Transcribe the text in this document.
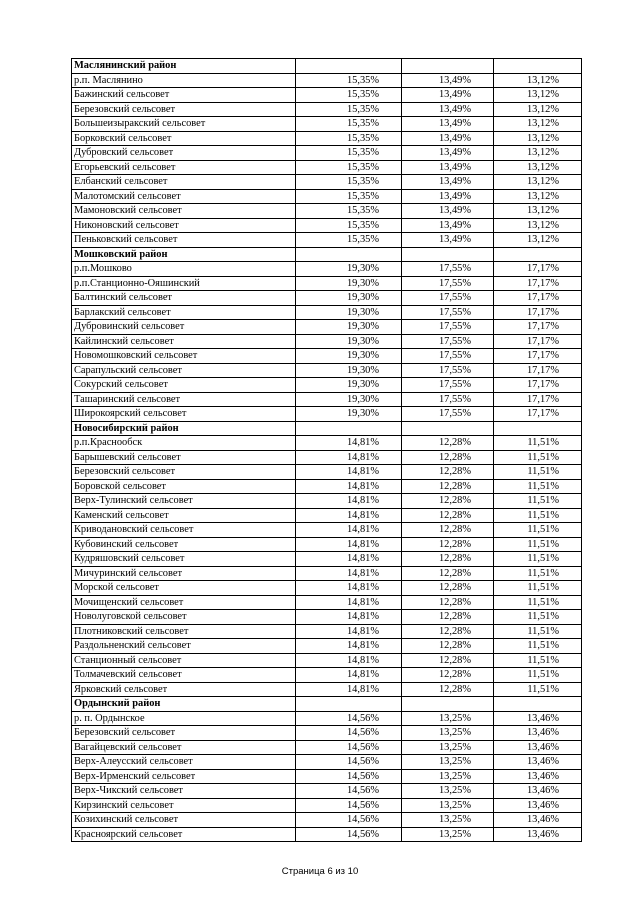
Маслянинский район			
р.п. Маслянино	15,35%	13,49%	13,12%
Бажинский сельсовет	15,35%	13,49%	13,12%
Березовский сельсовет	15,35%	13,49%	13,12%
Большеизыракский сельсовет	15,35%	13,49%	13,12%
Борковский сельсовет	15,35%	13,49%	13,12%
Дубровский сельсовет	15,35%	13,49%	13,12%
Егорьевский сельсовет	15,35%	13,49%	13,12%
Елбанский сельсовет	15,35%	13,49%	13,12%
Малотомский сельсовет	15,35%	13,49%	13,12%
Мамоновский сельсовет	15,35%	13,49%	13,12%
Никоновский сельсовет	15,35%	13,49%	13,12%
Пеньковский сельсовет	15,35%	13,49%	13,12%
Мошковский район			
р.п.Мошково	19,30%	17,55%	17,17%
р.п.Станционно-Ояшинский	19,30%	17,55%	17,17%
Балтинский сельсовет	19,30%	17,55%	17,17%
Барлакский сельсовет	19,30%	17,55%	17,17%
Дубровинский сельсовет	19,30%	17,55%	17,17%
Кайлинский сельсовет	19,30%	17,55%	17,17%
Новомошковский сельсовет	19,30%	17,55%	17,17%
Сарапульский сельсовет	19,30%	17,55%	17,17%
Сокурский сельсовет	19,30%	17,55%	17,17%
Ташаринский сельсовет	19,30%	17,55%	17,17%
Широкоярский сельсовет	19,30%	17,55%	17,17%
Новосибирский район			
р.п.Краснообск	14,81%	12,28%	11,51%
Барышевский сельсовет	14,81%	12,28%	11,51%
Березовский сельсовет	14,81%	12,28%	11,51%
Боровской сельсовет	14,81%	12,28%	11,51%
Верх-Тулинский сельсовет	14,81%	12,28%	11,51%
Каменский сельсовет	14,81%	12,28%	11,51%
Криводановский сельсовет	14,81%	12,28%	11,51%
Кубовинский сельсовет	14,81%	12,28%	11,51%
Кудряшовский сельсовет	14,81%	12,28%	11,51%
Мичуринский сельсовет	14,81%	12,28%	11,51%
Морской сельсовет	14,81%	12,28%	11,51%
Мочищенский сельсовет	14,81%	12,28%	11,51%
Новолуговской сельсовет	14,81%	12,28%	11,51%
Плотниковский сельсовет	14,81%	12,28%	11,51%
Раздольненский сельсовет	14,81%	12,28%	11,51%
Станционный сельсовет	14,81%	12,28%	11,51%
Толмачевский сельсовет	14,81%	12,28%	11,51%
Ярковский сельсовет	14,81%	12,28%	11,51%
Ордынский район			
р. п. Ордынское	14,56%	13,25%	13,46%
Березовский сельсовет	14,56%	13,25%	13,46%
Вагайцевский сельсовет	14,56%	13,25%	13,46%
Верх-Алеусский сельсовет	14,56%	13,25%	13,46%
Верх-Ирменский сельсовет	14,56%	13,25%	13,46%
Верх-Чикский сельсовет	14,56%	13,25%	13,46%
Кирзинский сельсовет	14,56%	13,25%	13,46%
Козихинский сельсовет	14,56%	13,25%	13,46%
Красноярский сельсовет	14,56%	13,25%	13,46%
Страница 6 из 10
